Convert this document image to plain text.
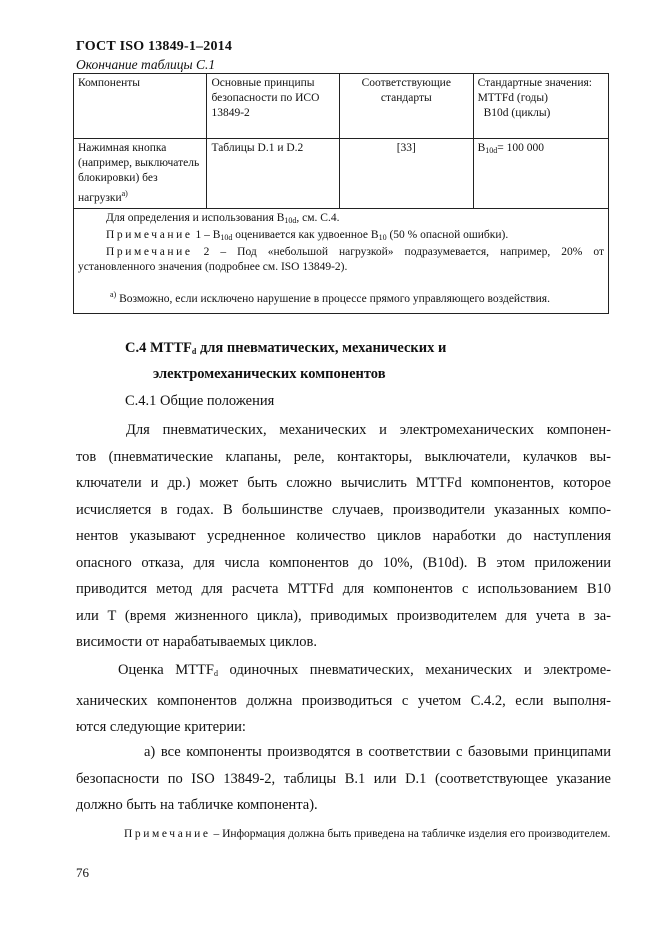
ГОСТ ISO 13849-1–2014
Окончание таблицы С.1
Компоненты	Основные принципы безопасности по ИСО 13849-2	Соответствующие стандарты	Стандартные значения:
MTTFd (годы)
B10d (циклы)

Нажимная кнопка (например, выключатель блокировки) без нагрузки$^{a)}$	Таблицы D.1 и D.2	[33]	$B_{10d}= 100$ 000

Для определения и использования $B_{10d}$, см. С.4.

Примечание $1 - B_{10d}$ оценивается как удвоенное $B_{10}$ (50 % опасной ошибки).

Примечание 2 – Под «небольшой нагрузкой» подразумевается, например, 20% от установленного значения (подробнее см. ISO 13849-2).

$^{a)}$ Возможно, если исключено нарушение в процессе прямого управляющего воздействия.			

С.4 $MTTF_d$ для пневматических, механических и
электромеханических компонентов
С.4.1 Общие положения
Для пневматических, механических и электромеханических компонен-
тов (пневматические клапаны, реле, контакторы, выключатели, кулачков вы-
ключатели и др.) может быть сложно вычислить MTTFd компонентов, которое
исчисляется в годах. В большинстве случаев, производители указанных компо-
нентов указывают усредненное количество циклов наработки до наступления
опасного отказа, для числа компонентов до 10%, (B10d). В этом приложении
приводится метод для расчета MTTFd для компонентов с использованием B10
или T (время жизненного цикла), приводимых производителем для учета в за-
висимости от нарабатываемых циклов.
Оценка $MTTF_d$ одиночных пневматических, механических и электроме-
ханических компонентов должна производиться с учетом С.4.2, если выполня-
ются следующие критерии:
а) все компоненты производятся в соответствии с базовыми принципами
безопасности по ISO 13849-2, таблицы В.1 или D.1 (соответствующее указание
должно быть на табличке компонента).
Примечание – Информация должна быть приведена на табличке изделия его производителем.
76
